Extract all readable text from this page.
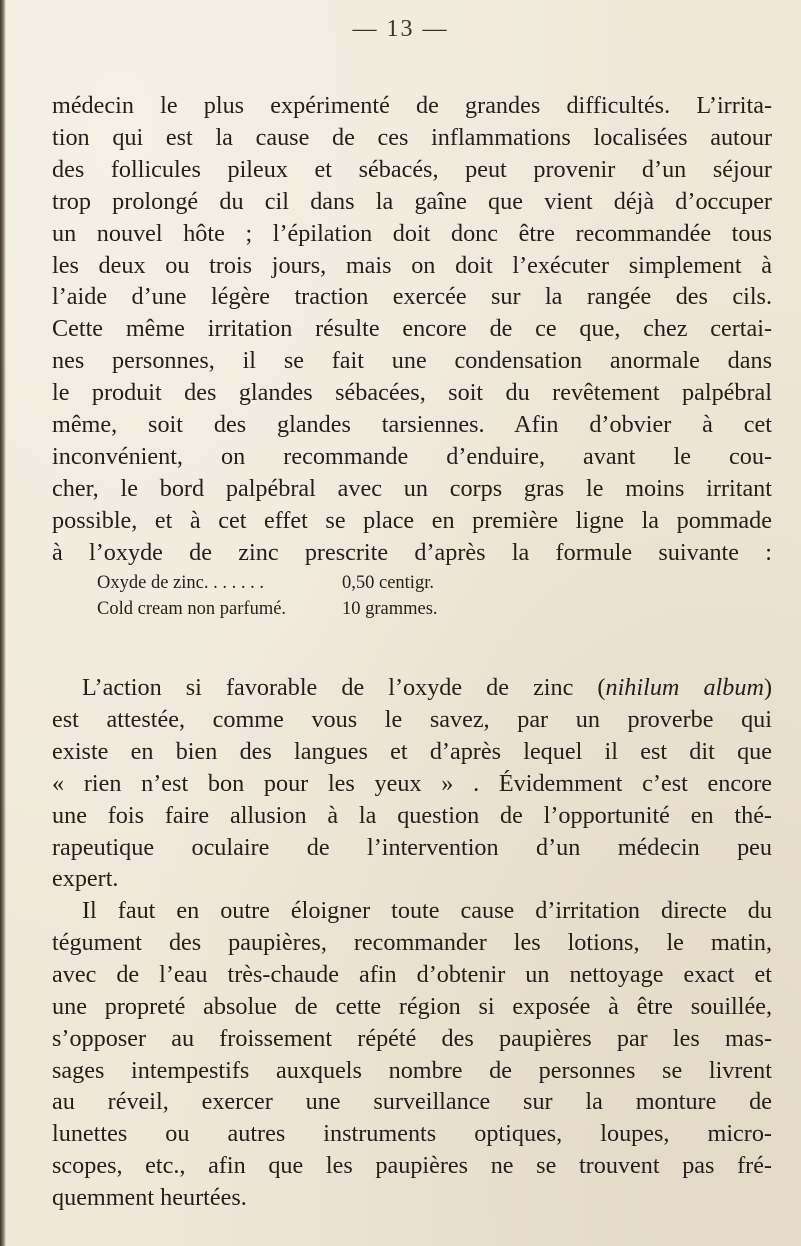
— 13 —
médecin le plus expérimenté de grandes difficultés. L’irrita-
tion qui est la cause de ces inflammations localisées autour
des follicules pileux et sébacés, peut provenir d’un séjour
trop prolongé du cil dans la gaîne que vient déjà d’occuper
un nouvel hôte ; l’épilation doit donc être recommandée tous
les deux ou trois jours, mais on doit l’exécuter simplement à
l’aide d’une légère traction exercée sur la rangée des cils.
Cette même irritation résulte encore de ce que, chez certai-
nes personnes, il se fait une condensation anormale dans
le produit des glandes sébacées, soit du revêtement palpébral
même, soit des glandes tarsiennes. Afin d’obvier à cet
inconvénient, on recommande d’enduire, avant le cou-
cher, le bord palpébral avec un corps gras le moins irritant
possible, et à cet effet se place en première ligne la pommade
à l’oxyde de zinc prescrite d’après la formule suivante :
Oxyde de zinc. . . . . . .	0,50 centigr.
Cold cream non parfumé.	10 grammes.
L’action si favorable de l’oxyde de zinc (nihilum album)
est attestée, comme vous le savez, par un proverbe qui
existe en bien des langues et d’après lequel il est dit que
« rien n’est bon pour les yeux » . Évidemment c’est encore
une fois faire allusion à la question de l’opportunité en thé-
rapeutique oculaire de l’intervention d’un médecin peu
expert.
Il faut en outre éloigner toute cause d’irritation directe du
tégument des paupières, recommander les lotions, le matin,
avec de l’eau très-chaude afin d’obtenir un nettoyage exact et
une propreté absolue de cette région si exposée à être souillée,
s’opposer au froissement répété des paupières par les mas-
sages intempestifs auxquels nombre de personnes se livrent
au réveil, exercer une surveillance sur la monture de
lunettes ou autres instruments optiques, loupes, micro-
scopes, etc., afin que les paupières ne se trouvent pas fré-
quemment heurtées.
